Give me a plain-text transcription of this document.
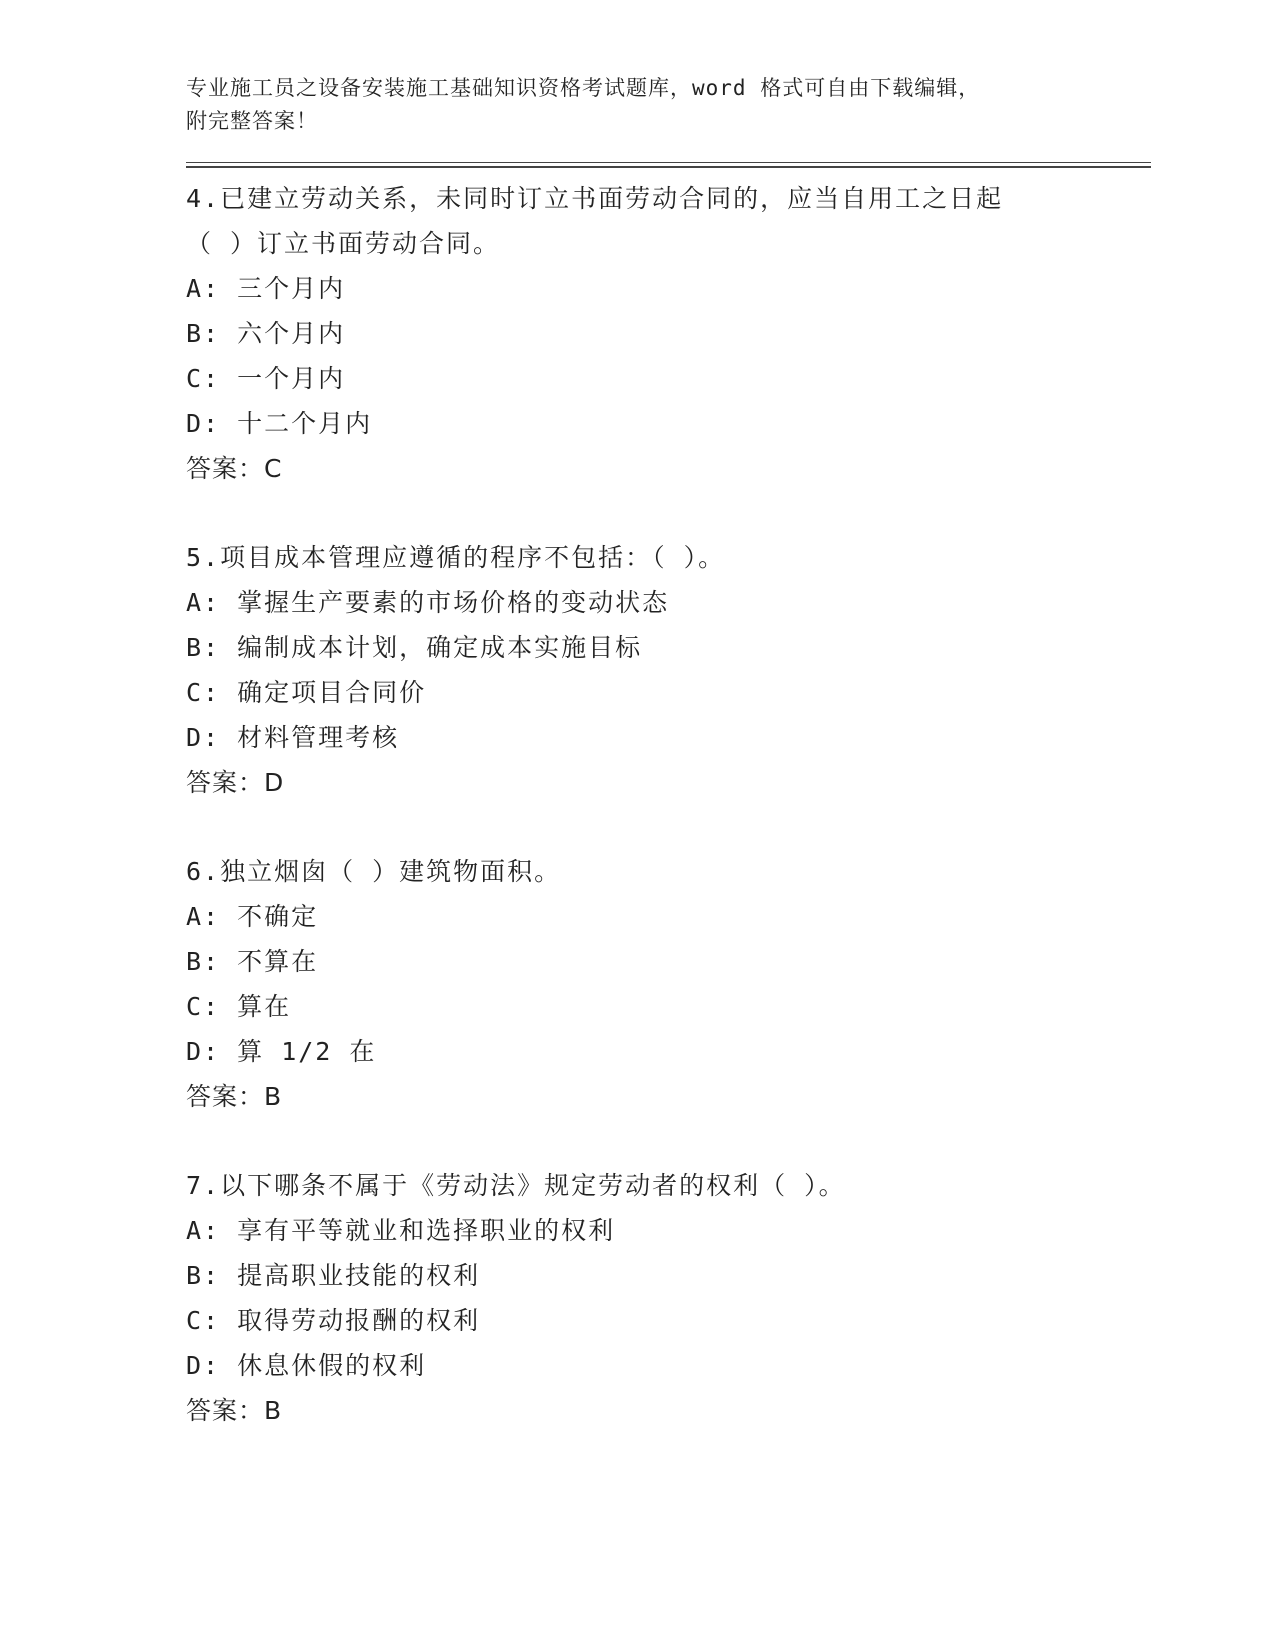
专业施工员之设备安装施工基础知识资格考试题库，word 格式可自由下载编辑，

附完整答案！

4.已建立劳动关系，未同时订立书面劳动合同的，应当自用工之日起

（ ）订立书面劳动合同。

A: 三个月内

B: 六个月内

C: 一个月内

D: 十二个月内

答案：C

5.项目成本管理应遵循的程序不包括：（ ）。

A: 掌握生产要素的市场价格的变动状态

B: 编制成本计划，确定成本实施目标

C: 确定项目合同价

D: 材料管理考核

答案：D

6.独立烟囱（ ）建筑物面积。

A: 不确定

B: 不算在

C: 算在

D: 算 1/2 在

答案：B

7.以下哪条不属于《劳动法》规定劳动者的权利（ ）。

A: 享有平等就业和选择职业的权利

B: 提高职业技能的权利

C: 取得劳动报酬的权利

D: 休息休假的权利

答案：B
